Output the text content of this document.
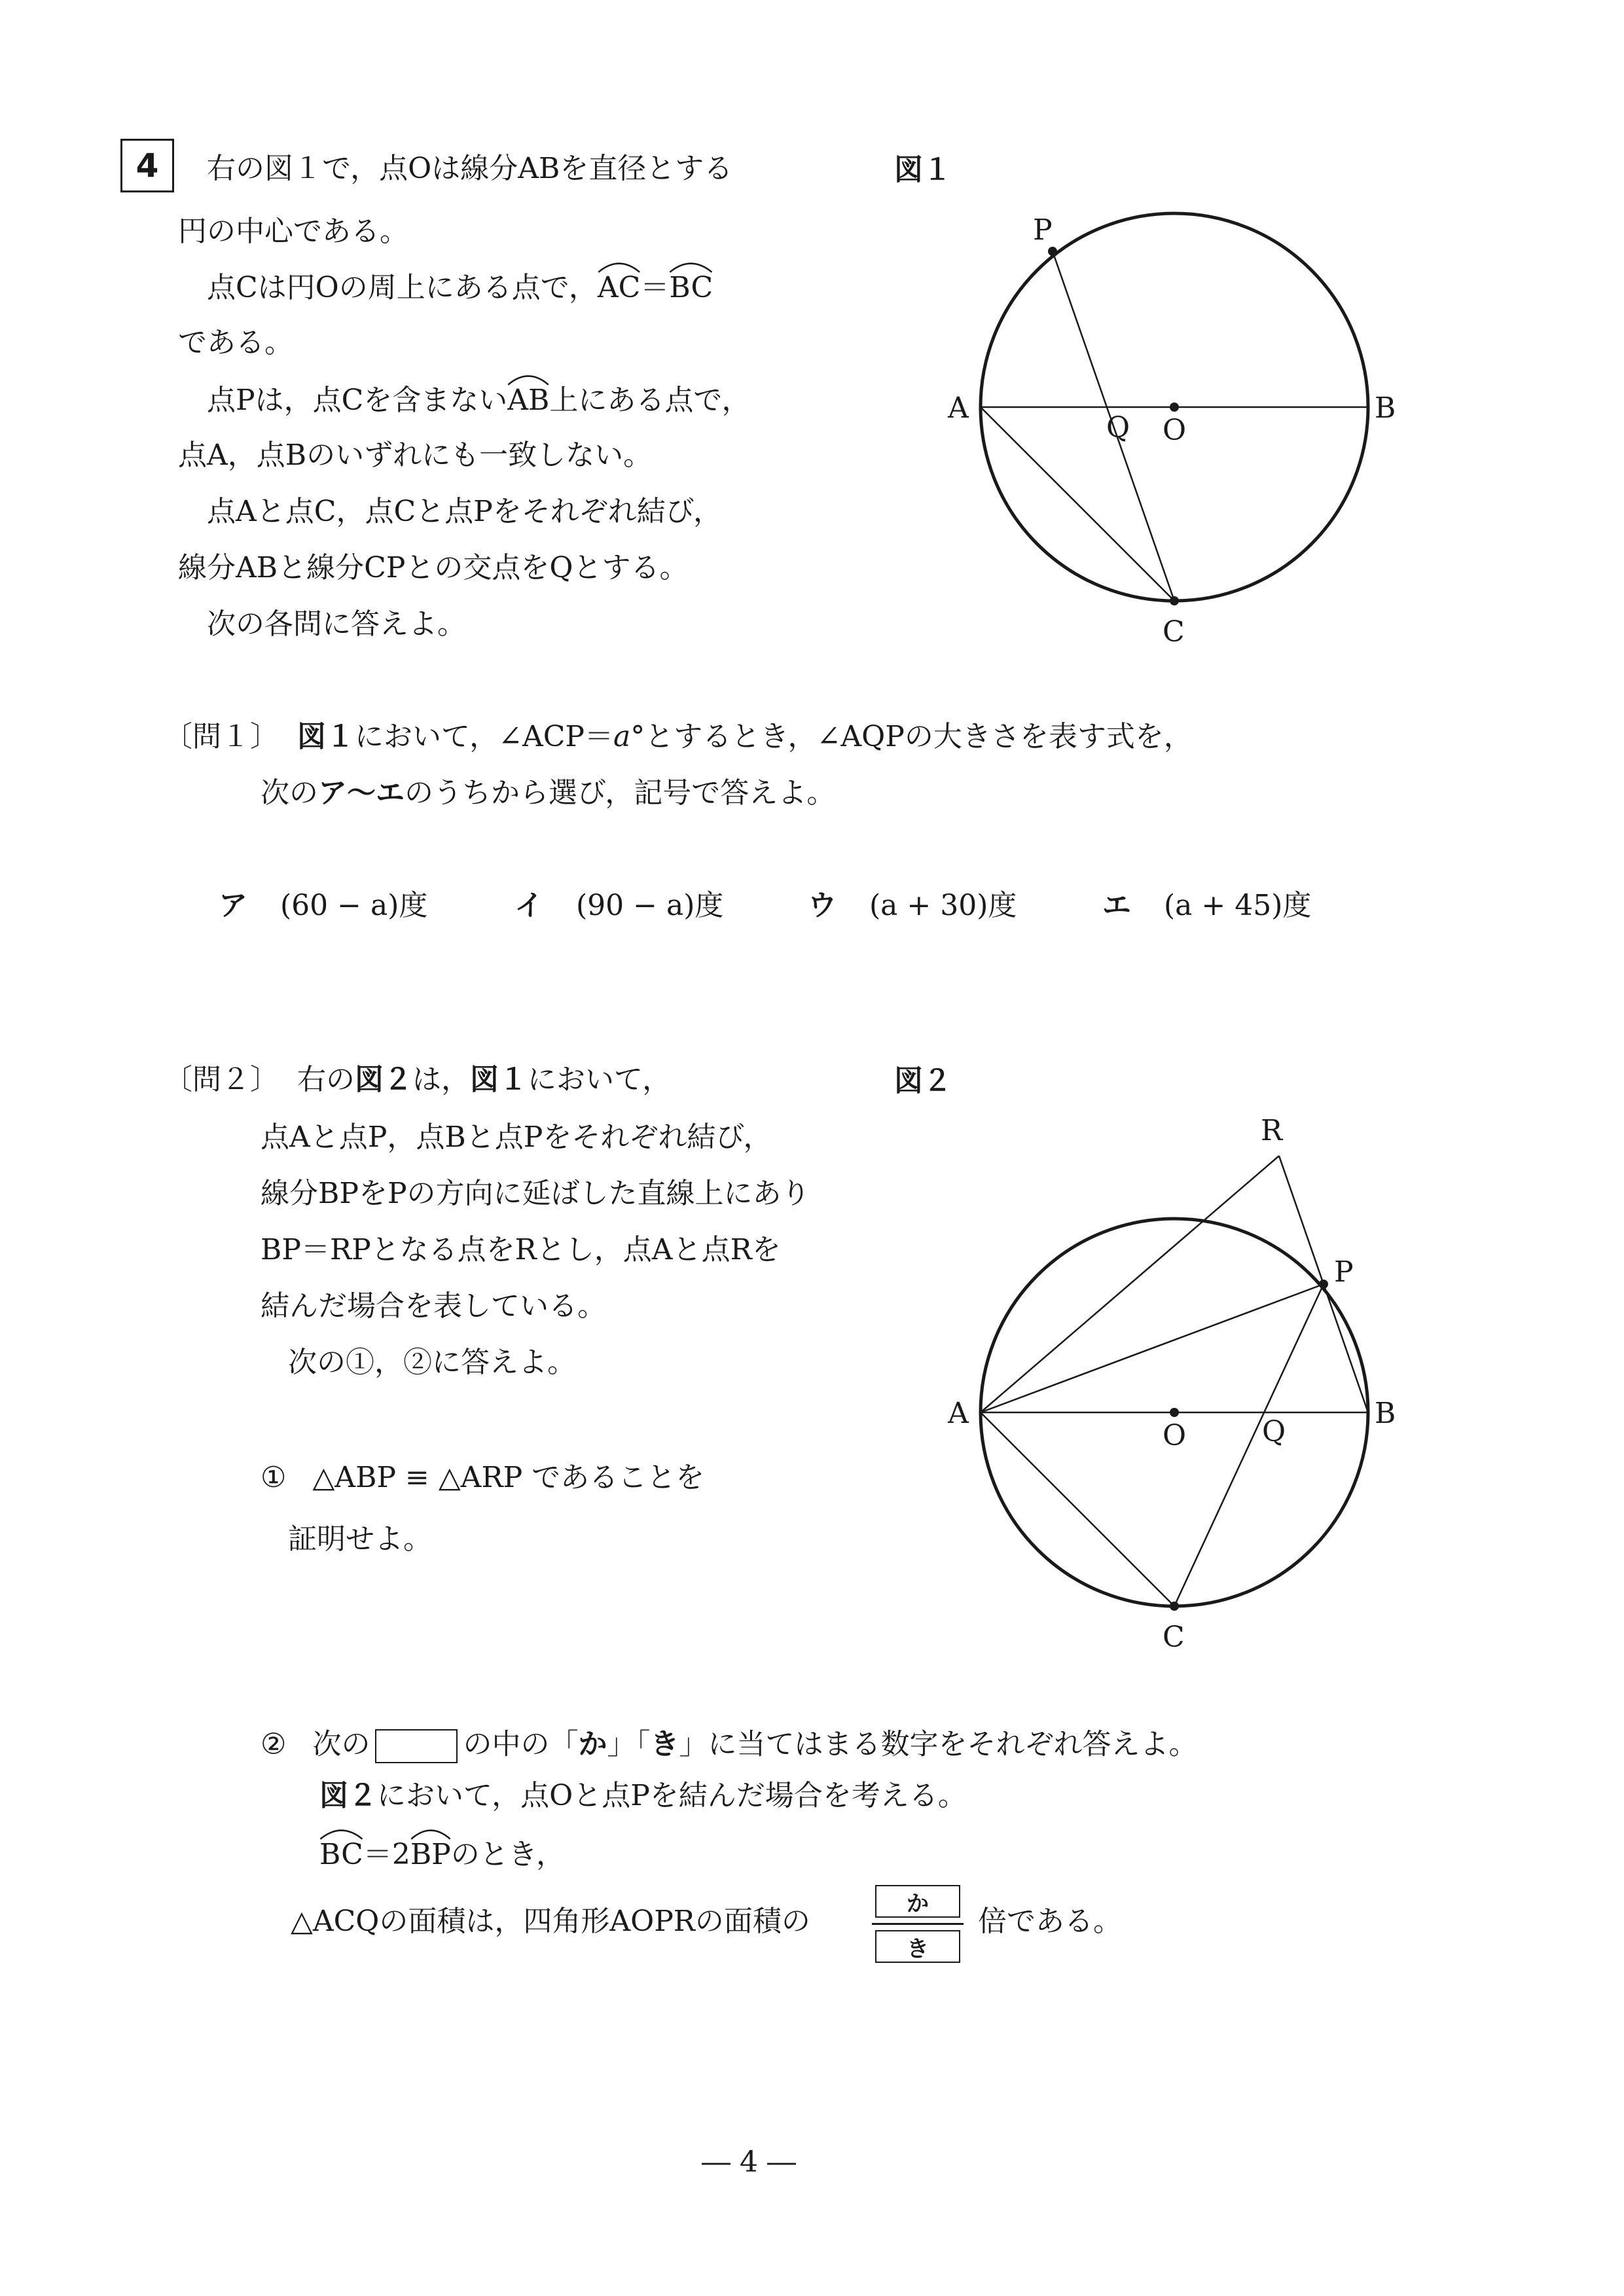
4	右の図１で，点Oは線分ABを直径とする
円の中心である。
点Cは円Oの周上にある点で，
AC＝
BC
である。
点Pは，点Cを含まない
AB上にある点で，
点A，点Bのいずれにも一致しない。
点Aと点C，点Cと点Pをそれぞれ結び，
線分ABと線分CPとの交点をQとする。
次の各問に答えよ。
図１
P
A
Q O
B
C
〔問１〕 図１において，∠ACP＝a°とするとき，∠AQPの大きさを表す式を，
次のア〜エのうちから選び，記号で答えよ。
ア (60 − a)度	イ (90 − a)度	ウ (a + 30)度	エ (a + 45)度
〔問２〕 右の図２は，図１において，
点Aと点P，点Bと点Pをそれぞれ結び，
線分BPをPの方向に延ばした直線上にあり
BP＝RPとなる点をRとし，点Aと点Rを
結んだ場合を表している。
次の①，②に答えよ。
図２
R
P
A
O	Q
B
C
① △ABP ≡ △ARP であることを
証明せよ。
② 次の	の中の「か」「き」に当てはまる数字をそれぞれ答えよ。
図２において，点Oと点Pを結んだ場合を考える。
BC＝2
BPのとき，
△ACQの面積は，四角形AOPRの面積の
か
き
倍である。
― 4 ―
